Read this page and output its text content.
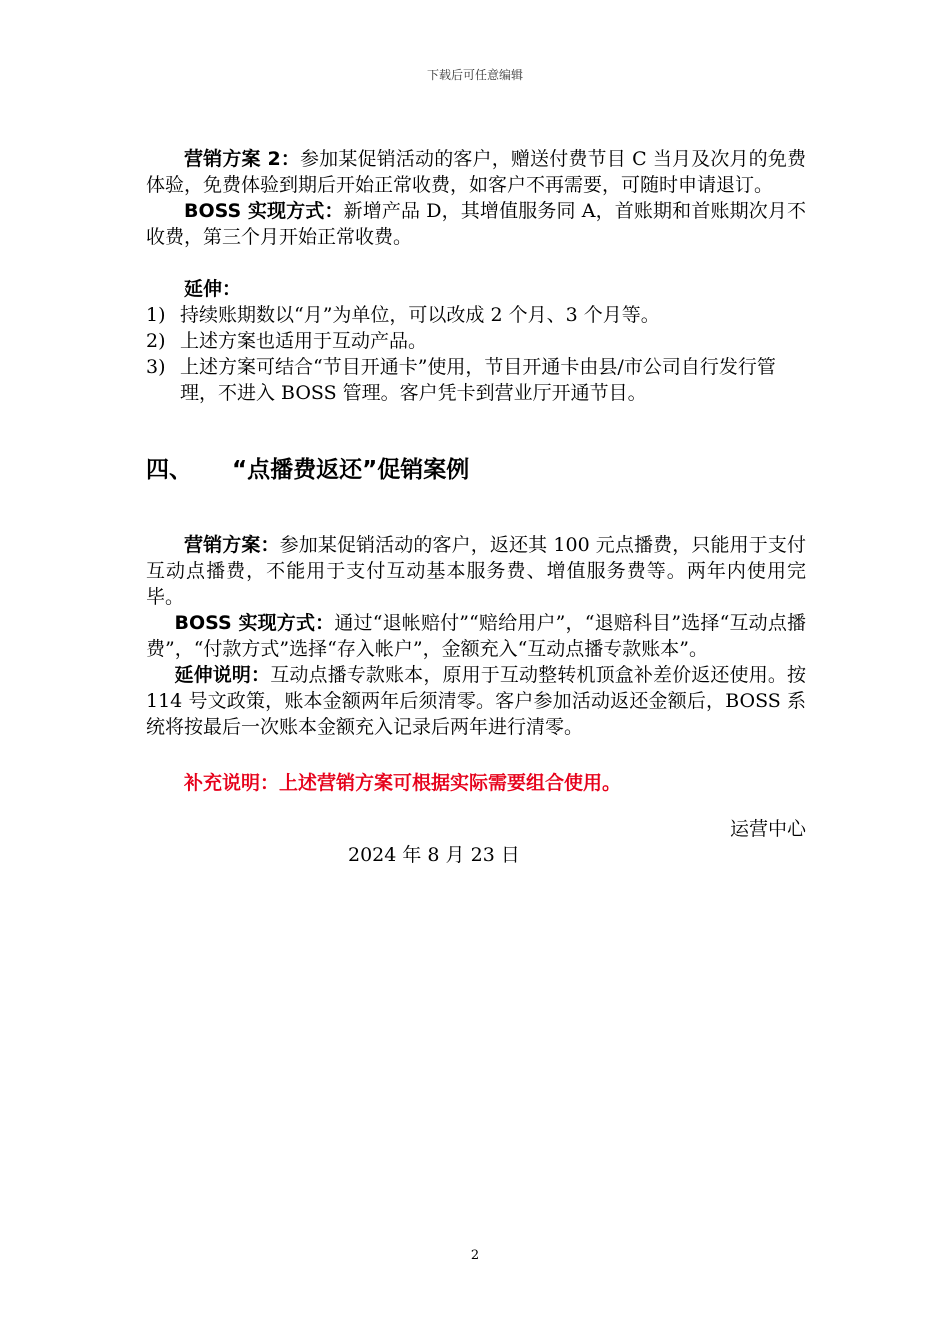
下载后可任意编辑

营销方案 2：参加某促销活动的客户，赠送付费节目 C 当月及次月的免费体验，免费体验到期后开始正常收费，如客户不再需要，可随时申请退订。

BOSS 实现方式：新增产品 D，其增值服务同 A，首账期和首账期次月不收费，第三个月开始正常收费。

延伸：

1) 持续账期数以“月”为单位，可以改成 2 个月、3 个月等。
2) 上述方案也适用于互动产品。
3) 上述方案可结合“节目开通卡”使用，节目开通卡由县/市公司自行发行管理，不进入 BOSS 管理。客户凭卡到营业厅开通节目。

四、 “点播费返还”促销案例

营销方案：参加某促销活动的客户，返还其 100 元点播费，只能用于支付互动点播费，不能用于支付互动基本服务费、增值服务费等。两年内使用完毕。

BOSS 实现方式：通过“退帐赔付”“赔给用户”，“退赔科目”选择“互动点播费”，“付款方式”选择“存入帐户”，金额充入“互动点播专款账本”。

延伸说明：互动点播专款账本，原用于互动整转机顶盒补差价返还使用。按 114 号文政策，账本金额两年后须清零。客户参加活动返还金额后，BOSS 系统将按最后一次账本金额充入记录后两年进行清零。

补充说明：上述营销方案可根据实际需要组合使用。

运营中心

2024 年 8 月 23 日

2
